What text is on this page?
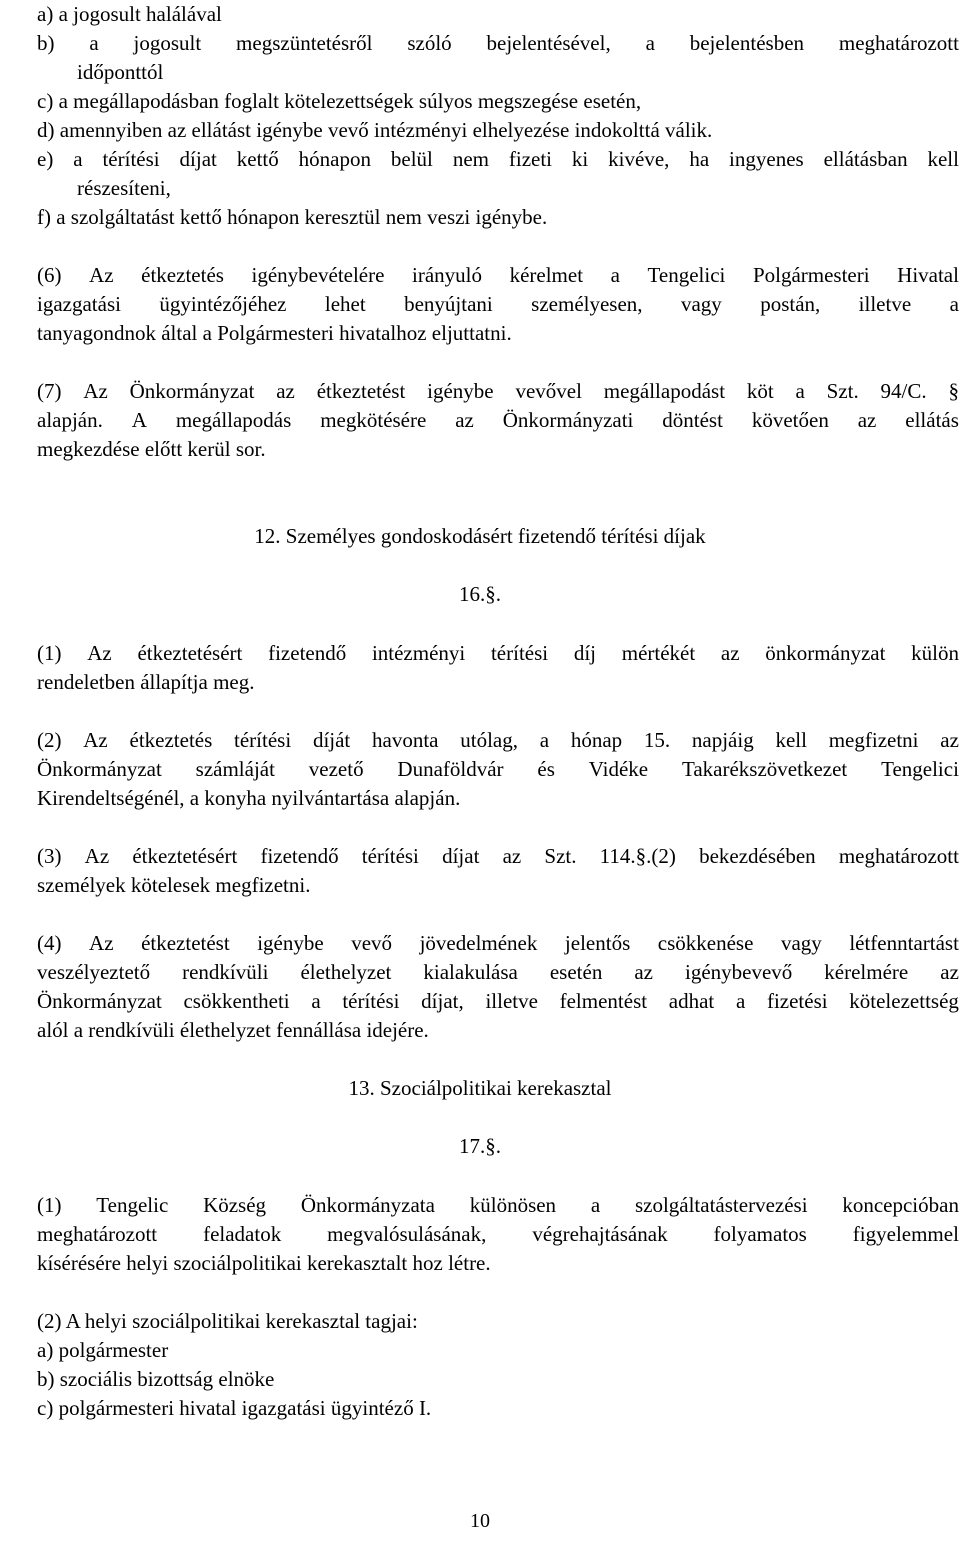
a) a jogosult halálával
b) a jogosult megszüntetésről szóló bejelentésével, a bejelentésben meghatározott
időponttól
c) a megállapodásban foglalt kötelezettségek súlyos megszegése esetén,
d) amennyiben az ellátást igénybe vevő intézményi elhelyezése indokolttá válik.
e) a térítési díjat kettő hónapon belül nem fizeti ki kivéve, ha ingyenes ellátásban kell
részesíteni,
f) a szolgáltatást kettő hónapon keresztül nem veszi igénybe.
(6) Az étkeztetés igénybevételére irányuló kérelmet a Tengelici Polgármesteri Hivatal
igazgatási ügyintézőjéhez lehet benyújtani személyesen, vagy postán, illetve a
tanyagondnok által a Polgármesteri hivatalhoz eljuttatni.
(7) Az Önkormányzat az étkeztetést igénybe vevővel megállapodást köt a Szt. 94/C. §
alapján. A megállapodás megkötésére az Önkormányzati döntést követően az ellátás
megkezdése előtt kerül sor.
12. Személyes gondoskodásért fizetendő térítési díjak
16.§.
(1) Az étkeztetésért fizetendő intézményi térítési díj mértékét az önkormányzat külön
rendeletben állapítja meg.
(2) Az étkeztetés térítési díját havonta utólag, a hónap 15. napjáig kell megfizetni az
Önkormányzat számláját vezető Dunaföldvár és Vidéke Takarékszövetkezet Tengelici
Kirendeltségénél, a konyha nyilvántartása alapján.
(3) Az étkeztetésért fizetendő térítési díjat az Szt. 114.§.(2) bekezdésében meghatározott
személyek kötelesek megfizetni.
(4) Az étkeztetést igénybe vevő jövedelmének jelentős csökkenése vagy létfenntartást
veszélyeztető rendkívüli élethelyzet kialakulása esetén az igénybevevő kérelmére az
Önkormányzat csökkentheti a térítési díjat, illetve felmentést adhat a fizetési kötelezettség
alól a rendkívüli élethelyzet fennállása idejére.
13. Szociálpolitikai kerekasztal
17.§.
(1) Tengelic Község Önkormányzata különösen a szolgáltatástervezési koncepcióban
meghatározott feladatok megvalósulásának, végrehajtásának folyamatos figyelemmel
kísérésére helyi szociálpolitikai kerekasztalt hoz létre.
(2) A helyi szociálpolitikai kerekasztal tagjai:
a) polgármester
b) szociális bizottság elnöke
c) polgármesteri hivatal igazgatási ügyintéző I.
10
